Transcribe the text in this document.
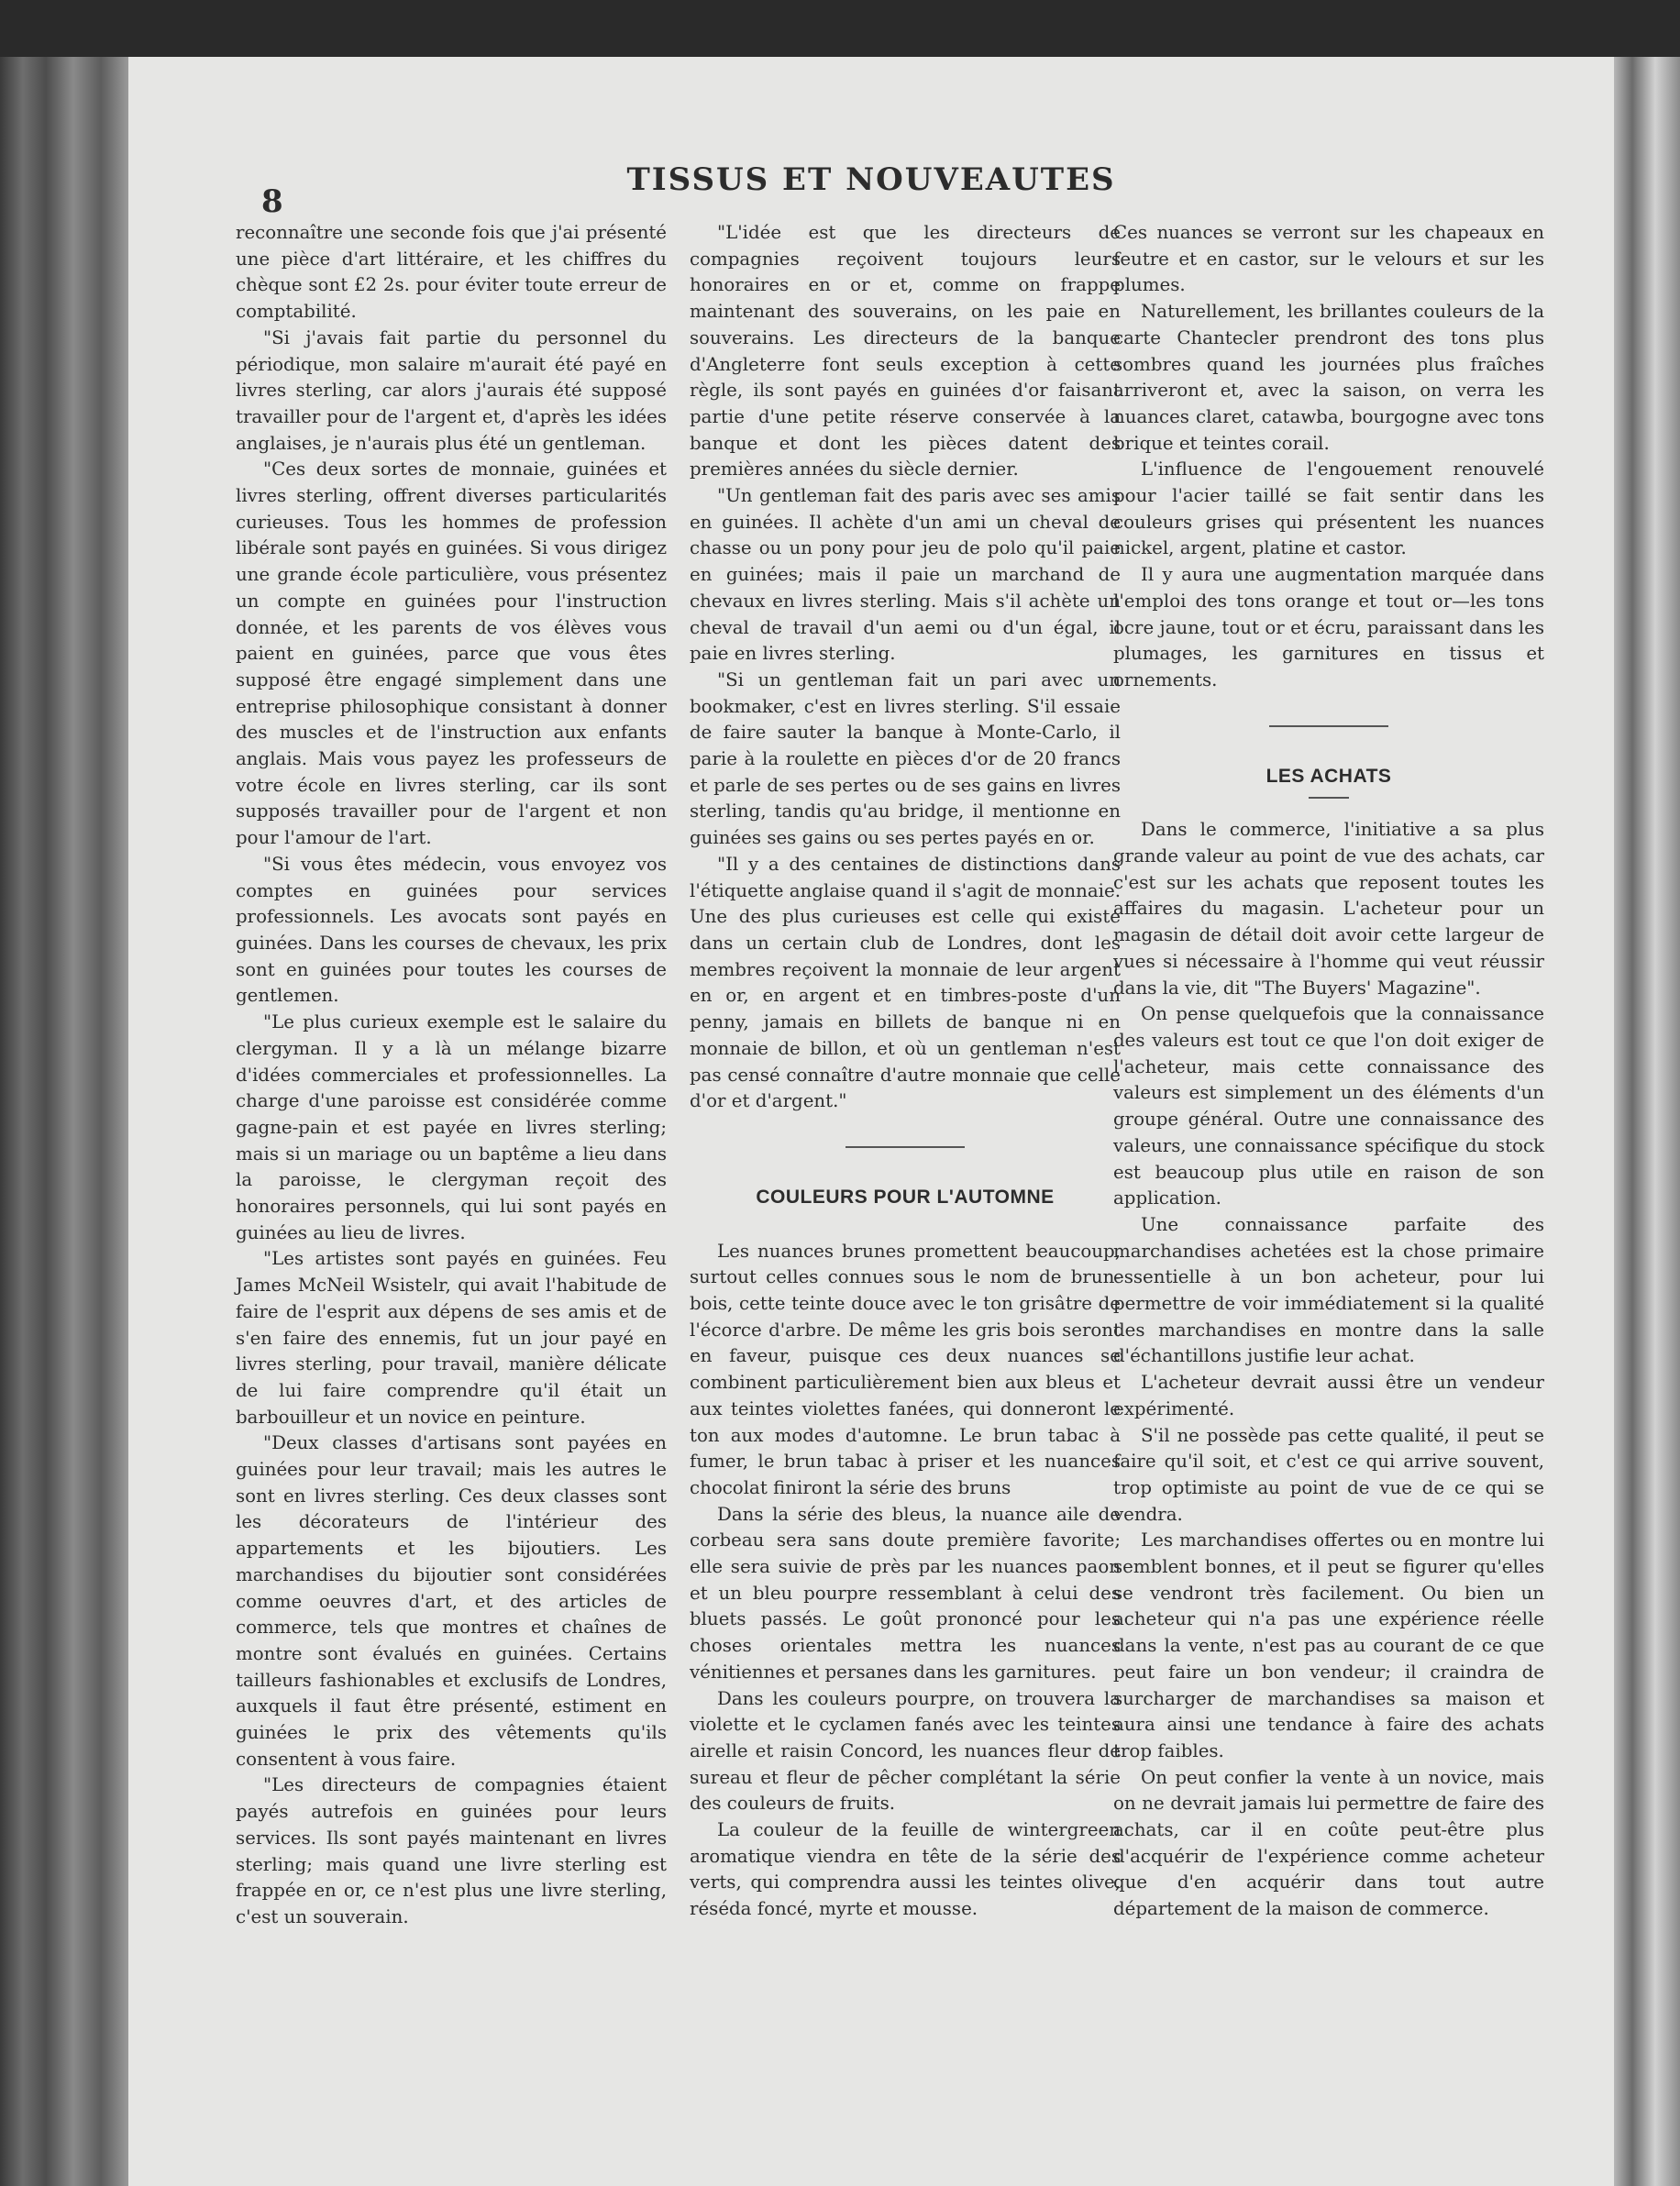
8
TISSUS ET NOUVEAUTES

reconnaître une seconde fois que j'ai présenté une pièce d'art littéraire, et les chiffres du chèque sont £2 2s. pour éviter toute erreur de comptabilité.

"Si j'avais fait partie du personnel du périodique, mon salaire m'aurait été payé en livres sterling, car alors j'aurais été supposé travailler pour de l'argent et, d'après les idées anglaises, je n'aurais plus été un gentleman.

"Ces deux sortes de monnaie, guinées et livres sterling, offrent diverses particularités curieuses. Tous les hommes de profession libérale sont payés en guinées. Si vous dirigez une grande école particulière, vous présentez un compte en guinées pour l'instruction donnée, et les parents de vos élèves vous paient en guinées, parce que vous êtes supposé être engagé simplement dans une entreprise philosophique consistant à donner des muscles et de l'instruction aux enfants anglais. Mais vous payez les professeurs de votre école en livres sterling, car ils sont supposés travailler pour de l'argent et non pour l'amour de l'art.

"Si vous êtes médecin, vous envoyez vos comptes en guinées pour services professionnels. Les avocats sont payés en guinées. Dans les courses de chevaux, les prix sont en guinées pour toutes les courses de gentlemen.

"Le plus curieux exemple est le salaire du clergyman. Il y a là un mélange bizarre d'idées commerciales et professionnelles. La charge d'une paroisse est considérée comme gagne-pain et est payée en livres sterling; mais si un mariage ou un baptême a lieu dans la paroisse, le clergyman reçoit des honoraires personnels, qui lui sont payés en guinées au lieu de livres.

"Les artistes sont payés en guinées. Feu James McNeil Wsistelr, qui avait l'habitude de faire de l'esprit aux dépens de ses amis et de s'en faire des ennemis, fut un jour payé en livres sterling, pour travail, manière délicate de lui faire comprendre qu'il était un barbouilleur et un novice en peinture.

"Deux classes d'artisans sont payées en guinées pour leur travail; mais les autres le sont en livres sterling. Ces deux classes sont les décorateurs de l'intérieur des appartements et les bijoutiers. Les marchandises du bijoutier sont considérées comme oeuvres d'art, et des articles de commerce, tels que montres et chaînes de montre sont évalués en guinées. Certains tailleurs fashionables et exclusifs de Londres, auxquels il faut être présenté, estiment en guinées le prix des vêtements qu'ils consentent à vous faire.

"Les directeurs de compagnies étaient payés autrefois en guinées pour leurs services. Ils sont payés maintenant en livres sterling; mais quand une livre sterling est frappée en or, ce n'est plus une livre sterling, c'est un souverain.

"L'idée est que les directeurs de compagnies reçoivent toujours leurs honoraires en or et, comme on frappe maintenant des souverains, on les paie en souverains. Les directeurs de la banque d'Angleterre font seuls exception à cette règle, ils sont payés en guinées d'or faisant partie d'une petite réserve conservée à la banque et dont les pièces datent des premières années du siècle dernier.

"Un gentleman fait des paris avec ses amis en guinées. Il achète d'un ami un cheval de chasse ou un pony pour jeu de polo qu'il paie en guinées; mais il paie un marchand de chevaux en livres sterling. Mais s'il achète un cheval de travail d'un aemi ou d'un égal, il paie en livres sterling.

"Si un gentleman fait un pari avec un bookmaker, c'est en livres sterling. S'il essaie de faire sauter la banque à Monte-Carlo, il parie à la roulette en pièces d'or de 20 francs et parle de ses pertes ou de ses gains en livres sterling, tandis qu'au bridge, il mentionne en guinées ses gains ou ses pertes payés en or.

"Il y a des centaines de distinctions dans l'étiquette anglaise quand il s'agit de monnaie. Une des plus curieuses est celle qui existe dans un certain club de Londres, dont les membres reçoivent la monnaie de leur argent en or, en argent et en timbres-poste d'un penny, jamais en billets de banque ni en monnaie de billon, et où un gentleman n'est pas censé connaître d'autre monnaie que celle d'or et d'argent."

COULEURS POUR L'AUTOMNE

Les nuances brunes promettent beaucoup, surtout celles connues sous le nom de brun-bois, cette teinte douce avec le ton grisâtre de l'écorce d'arbre. De même les gris bois seront en faveur, puisque ces deux nuances se combinent particulièrement bien aux bleus et aux teintes violettes fanées, qui donneront le ton aux modes d'automne. Le brun tabac à fumer, le brun tabac à priser et les nuances chocolat finiront la série des bruns

Dans la série des bleus, la nuance aile de corbeau sera sans doute première favorite; elle sera suivie de près par les nuances paon et un bleu pourpre ressemblant à celui des bluets passés. Le goût prononcé pour les choses orientales mettra les nuances vénitiennes et persanes dans les garnitures.

Dans les couleurs pourpre, on trouvera la violette et le cyclamen fanés avec les teintes airelle et raisin Concord, les nuances fleur de sureau et fleur de pêcher complétant la série des couleurs de fruits.

La couleur de la feuille de wintergreen aromatique viendra en tête de la série des verts, qui comprendra aussi les teintes olive, réséda foncé, myrte et mousse.

Ces nuances se verront sur les chapeaux en feutre et en castor, sur le velours et sur les plumes.

Naturellement, les brillantes couleurs de la carte Chantecler prendront des tons plus sombres quand les journées plus fraîches arriveront et, avec la saison, on verra les nuances claret, catawba, bourgogne avec tons brique et teintes corail.

L'influence de l'engouement renouvelé pour l'acier taillé se fait sentir dans les couleurs grises qui présentent les nuances nickel, argent, platine et castor.

Il y aura une augmentation marquée dans l'emploi des tons orange et tout or—les tons ocre jaune, tout or et écru, paraissant dans les plumages, les garnitures en tissus et ornements.

LES ACHATS

Dans le commerce, l'initiative a sa plus grande valeur au point de vue des achats, car c'est sur les achats que reposent toutes les affaires du magasin. L'acheteur pour un magasin de détail doit avoir cette largeur de vues si nécessaire à l'homme qui veut réussir dans la vie, dit "The Buyers' Magazine".

On pense quelquefois que la connaissance des valeurs est tout ce que l'on doit exiger de l'acheteur, mais cette connaissance des valeurs est simplement un des éléments d'un groupe général. Outre une connaissance des valeurs, une connaissance spécifique du stock est beaucoup plus utile en raison de son application.

Une connaissance parfaite des marchandises achetées est la chose primaire essentielle à un bon acheteur, pour lui permettre de voir immédiatement si la qualité des marchandises en montre dans la salle d'échantillons justifie leur achat.

L'acheteur devrait aussi être un vendeur expérimenté.

S'il ne possède pas cette qualité, il peut se faire qu'il soit, et c'est ce qui arrive souvent, trop optimiste au point de vue de ce qui se vendra.

Les marchandises offertes ou en montre lui semblent bonnes, et il peut se figurer qu'elles se vendront très facilement. Ou bien un acheteur qui n'a pas une expérience réelle dans la vente, n'est pas au courant de ce que peut faire un bon vendeur; il craindra de surcharger de marchandises sa maison et aura ainsi une tendance à faire des achats trop faibles.

On peut confier la vente à un novice, mais on ne devrait jamais lui permettre de faire des achats, car il en coûte peut-être plus d'acquérir de l'expérience comme acheteur que d'en acquérir dans tout autre département de la maison de commerce.
